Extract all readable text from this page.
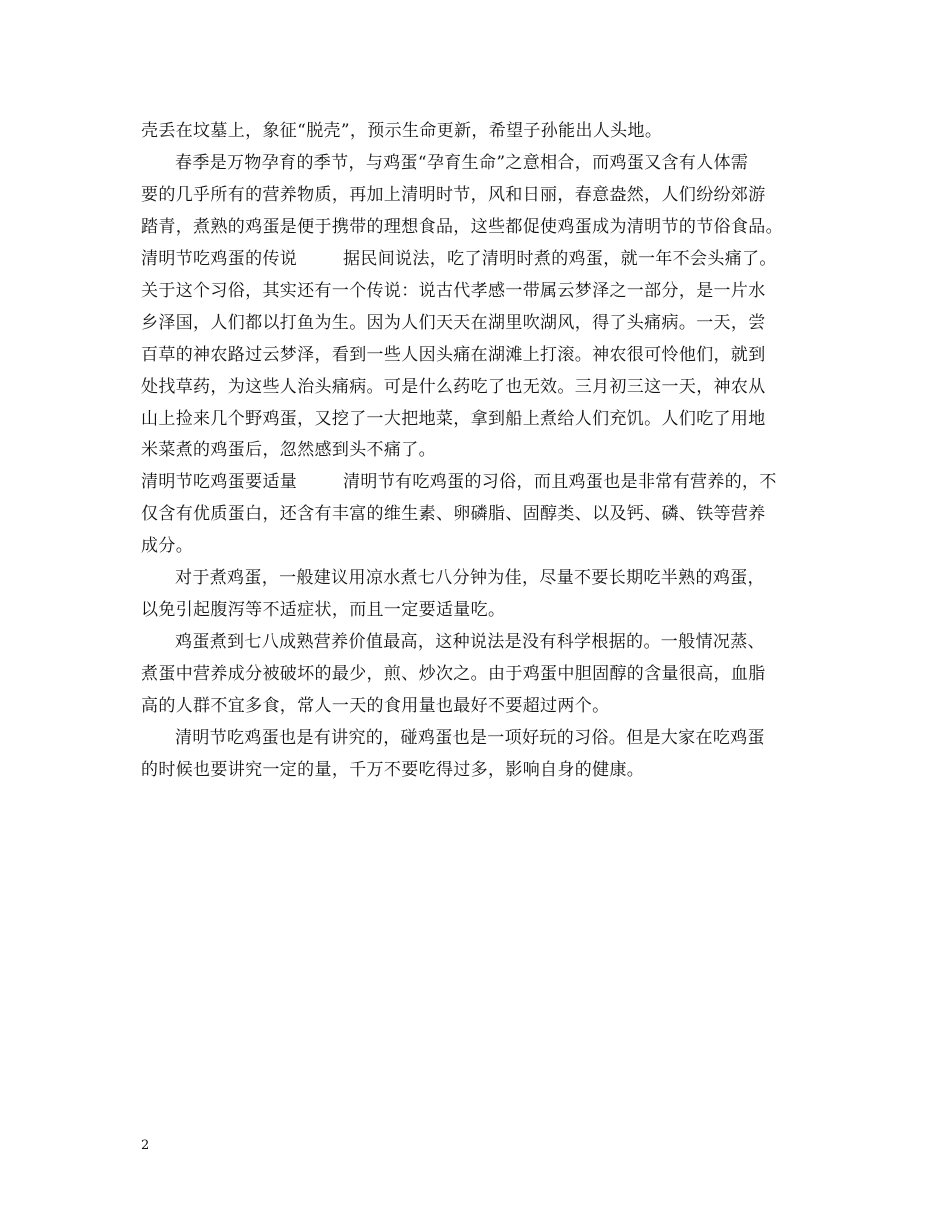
壳丢在坟墓上，象征“脱壳”，预示生命更新，希望子孙能出人头地。
春季是万物孕育的季节，与鸡蛋“孕育生命”之意相合，而鸡蛋又含有人体需
要的几乎所有的营养物质，再加上清明时节，风和日丽，春意盎然，人们纷纷郊游
踏青，煮熟的鸡蛋是便于携带的理想食品，这些都促使鸡蛋成为清明节的节俗食品。
清明节吃鸡蛋的传说	据民间说法，吃了清明时煮的鸡蛋，就一年不会头痛了。
关于这个习俗，其实还有一个传说：说古代孝感一带属云梦泽之一部分，是一片水
乡泽国，人们都以打鱼为生。因为人们天天在湖里吹湖风，得了头痛病。一天，尝
百草的神农路过云梦泽，看到一些人因头痛在湖滩上打滚。神农很可怜他们，就到
处找草药，为这些人治头痛病。可是什么药吃了也无效。三月初三这一天，神农从
山上捡来几个野鸡蛋，又挖了一大把地菜，拿到船上煮给人们充饥。人们吃了用地
米菜煮的鸡蛋后，忽然感到头不痛了。
清明节吃鸡蛋要适量	清明节有吃鸡蛋的习俗，而且鸡蛋也是非常有营养的，不
仅含有优质蛋白，还含有丰富的维生素、卵磷脂、固醇类、以及钙、磷、铁等营养
成分。
对于煮鸡蛋，一般建议用凉水煮七八分钟为佳，尽量不要长期吃半熟的鸡蛋，
以免引起腹泻等不适症状，而且一定要适量吃。
鸡蛋煮到七八成熟营养价值最高，这种说法是没有科学根据的。一般情况蒸、
煮蛋中营养成分被破坏的最少，煎、炒次之。由于鸡蛋中胆固醇的含量很高，血脂
高的人群不宜多食，常人一天的食用量也最好不要超过两个。
清明节吃鸡蛋也是有讲究的，碰鸡蛋也是一项好玩的习俗。但是大家在吃鸡蛋
的时候也要讲究一定的量，千万不要吃得过多，影响自身的健康。
2
